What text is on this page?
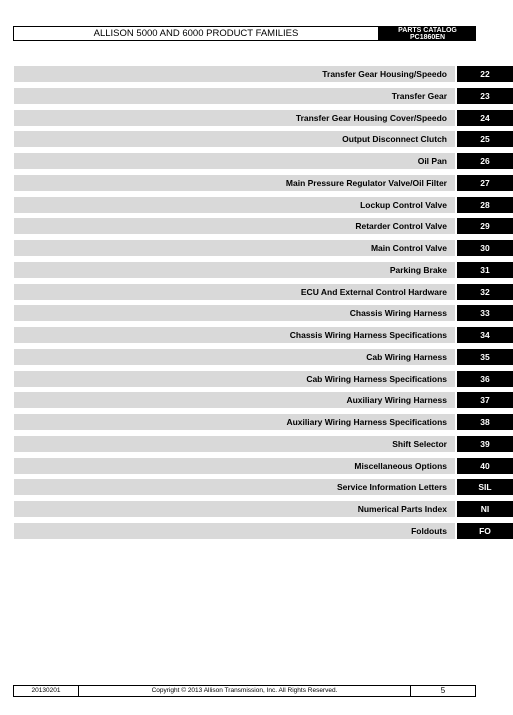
ALLISON 5000 AND 6000 PRODUCT FAMILIES	PARTS CATALOG
PC1860EN
Transfer Gear Housing/Speedo	22
Transfer Gear	23
Transfer Gear Housing Cover/Speedo	24
Output Disconnect Clutch	25
Oil Pan	26
Main Pressure Regulator Valve/Oil Filter	27
Lockup Control Valve	28
Retarder Control Valve	29
Main Control Valve	30
Parking Brake	31
ECU And External Control Hardware	32
Chassis Wiring Harness	33
Chassis Wiring Harness Specifications	34
Cab Wiring Harness	35
Cab Wiring Harness Specifications	36
Auxiliary Wiring Harness	37
Auxiliary Wiring Harness Specifications	38
Shift Selector	39
Miscellaneous Options	40
Service Information Letters	SIL
Numerical Parts Index	NI
Foldouts	FO
20130201	Copyright © 2013 Allison Transmission, Inc. All Rights Reserved.	5
